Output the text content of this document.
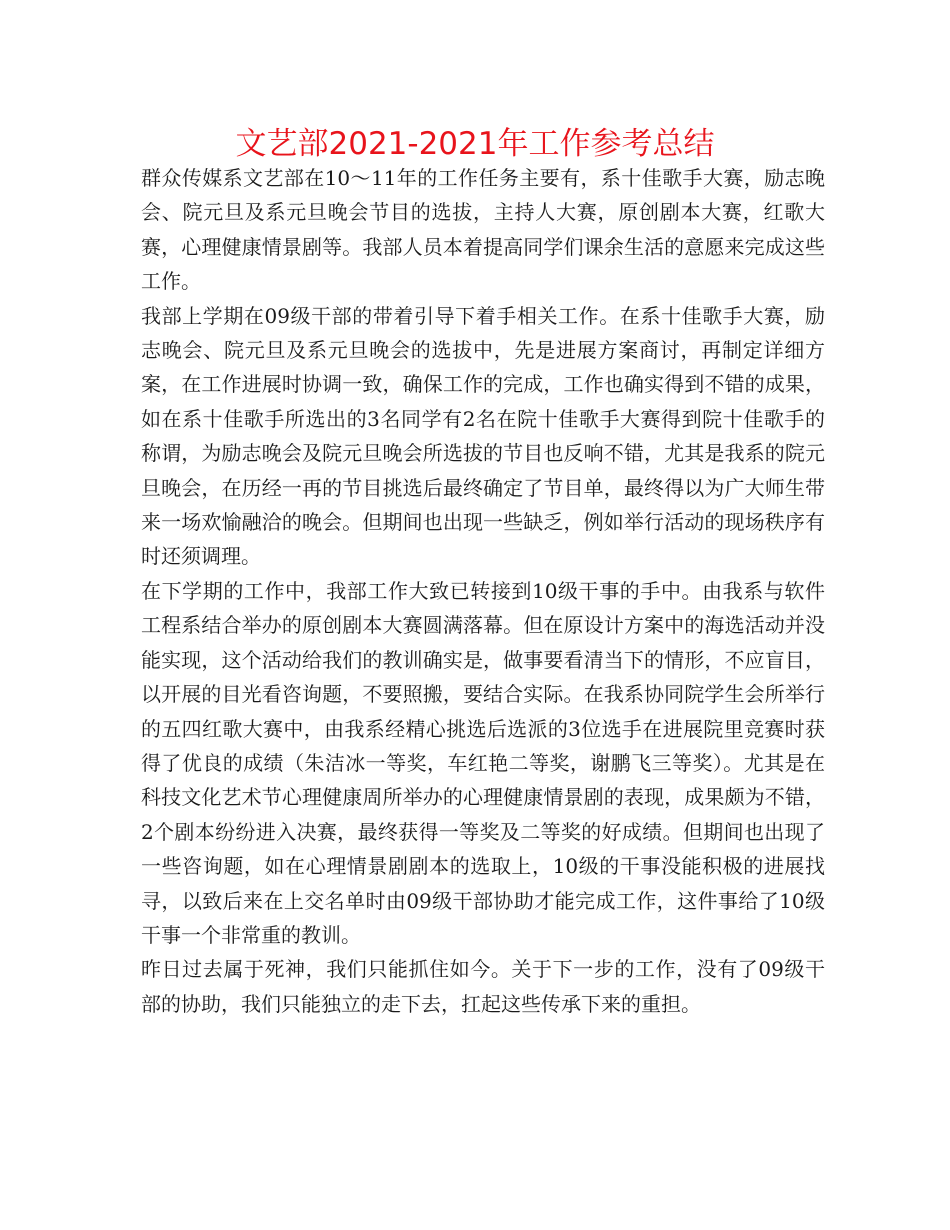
文艺部2021-2021年工作参考总结

群众传媒系文艺部在10～11年的工作任务主要有，系十佳歌手大赛，励志晚会、院元旦及系元旦晚会节目的选拔，主持人大赛，原创剧本大赛，红歌大赛，心理健康情景剧等。我部人员本着提高同学们课余生活的意愿来完成这些工作。

我部上学期在09级干部的带着引导下着手相关工作。在系十佳歌手大赛，励志晚会、院元旦及系元旦晚会的选拔中，先是进展方案商讨，再制定详细方案，在工作进展时协调一致，确保工作的完成，工作也确实得到不错的成果，如在系十佳歌手所选出的3名同学有2名在院十佳歌手大赛得到院十佳歌手的称谓，为励志晚会及院元旦晚会所选拔的节目也反响不错，尤其是我系的院元旦晚会，在历经一再的节目挑选后最终确定了节目单，最终得以为广大师生带来一场欢愉融洽的晚会。但期间也出现一些缺乏，例如举行活动的现场秩序有时还须调理。

在下学期的工作中，我部工作大致已转接到10级干事的手中。由我系与软件工程系结合举办的原创剧本大赛圆满落幕。但在原设计方案中的海选活动并没能实现，这个活动给我们的教训确实是，做事要看清当下的情形，不应盲目，以开展的目光看咨询题，不要照搬，要结合实际。在我系协同院学生会所举行的五四红歌大赛中，由我系经精心挑选后选派的3位选手在进展院里竞赛时获得了优良的成绩（朱洁冰一等奖，车红艳二等奖，谢鹏飞三等奖）。尤其是在科技文化艺术节心理健康周所举办的心理健康情景剧的表现，成果颇为不错，2个剧本纷纷进入决赛，最终获得一等奖及二等奖的好成绩。但期间也出现了一些咨询题，如在心理情景剧剧本的选取上，10级的干事没能积极的进展找寻，以致后来在上交名单时由09级干部协助才能完成工作，这件事给了10级干事一个非常重的教训。

昨日过去属于死神，我们只能抓住如今。关于下一步的工作，没有了09级干部的协助，我们只能独立的走下去，扛起这些传承下来的重担。
